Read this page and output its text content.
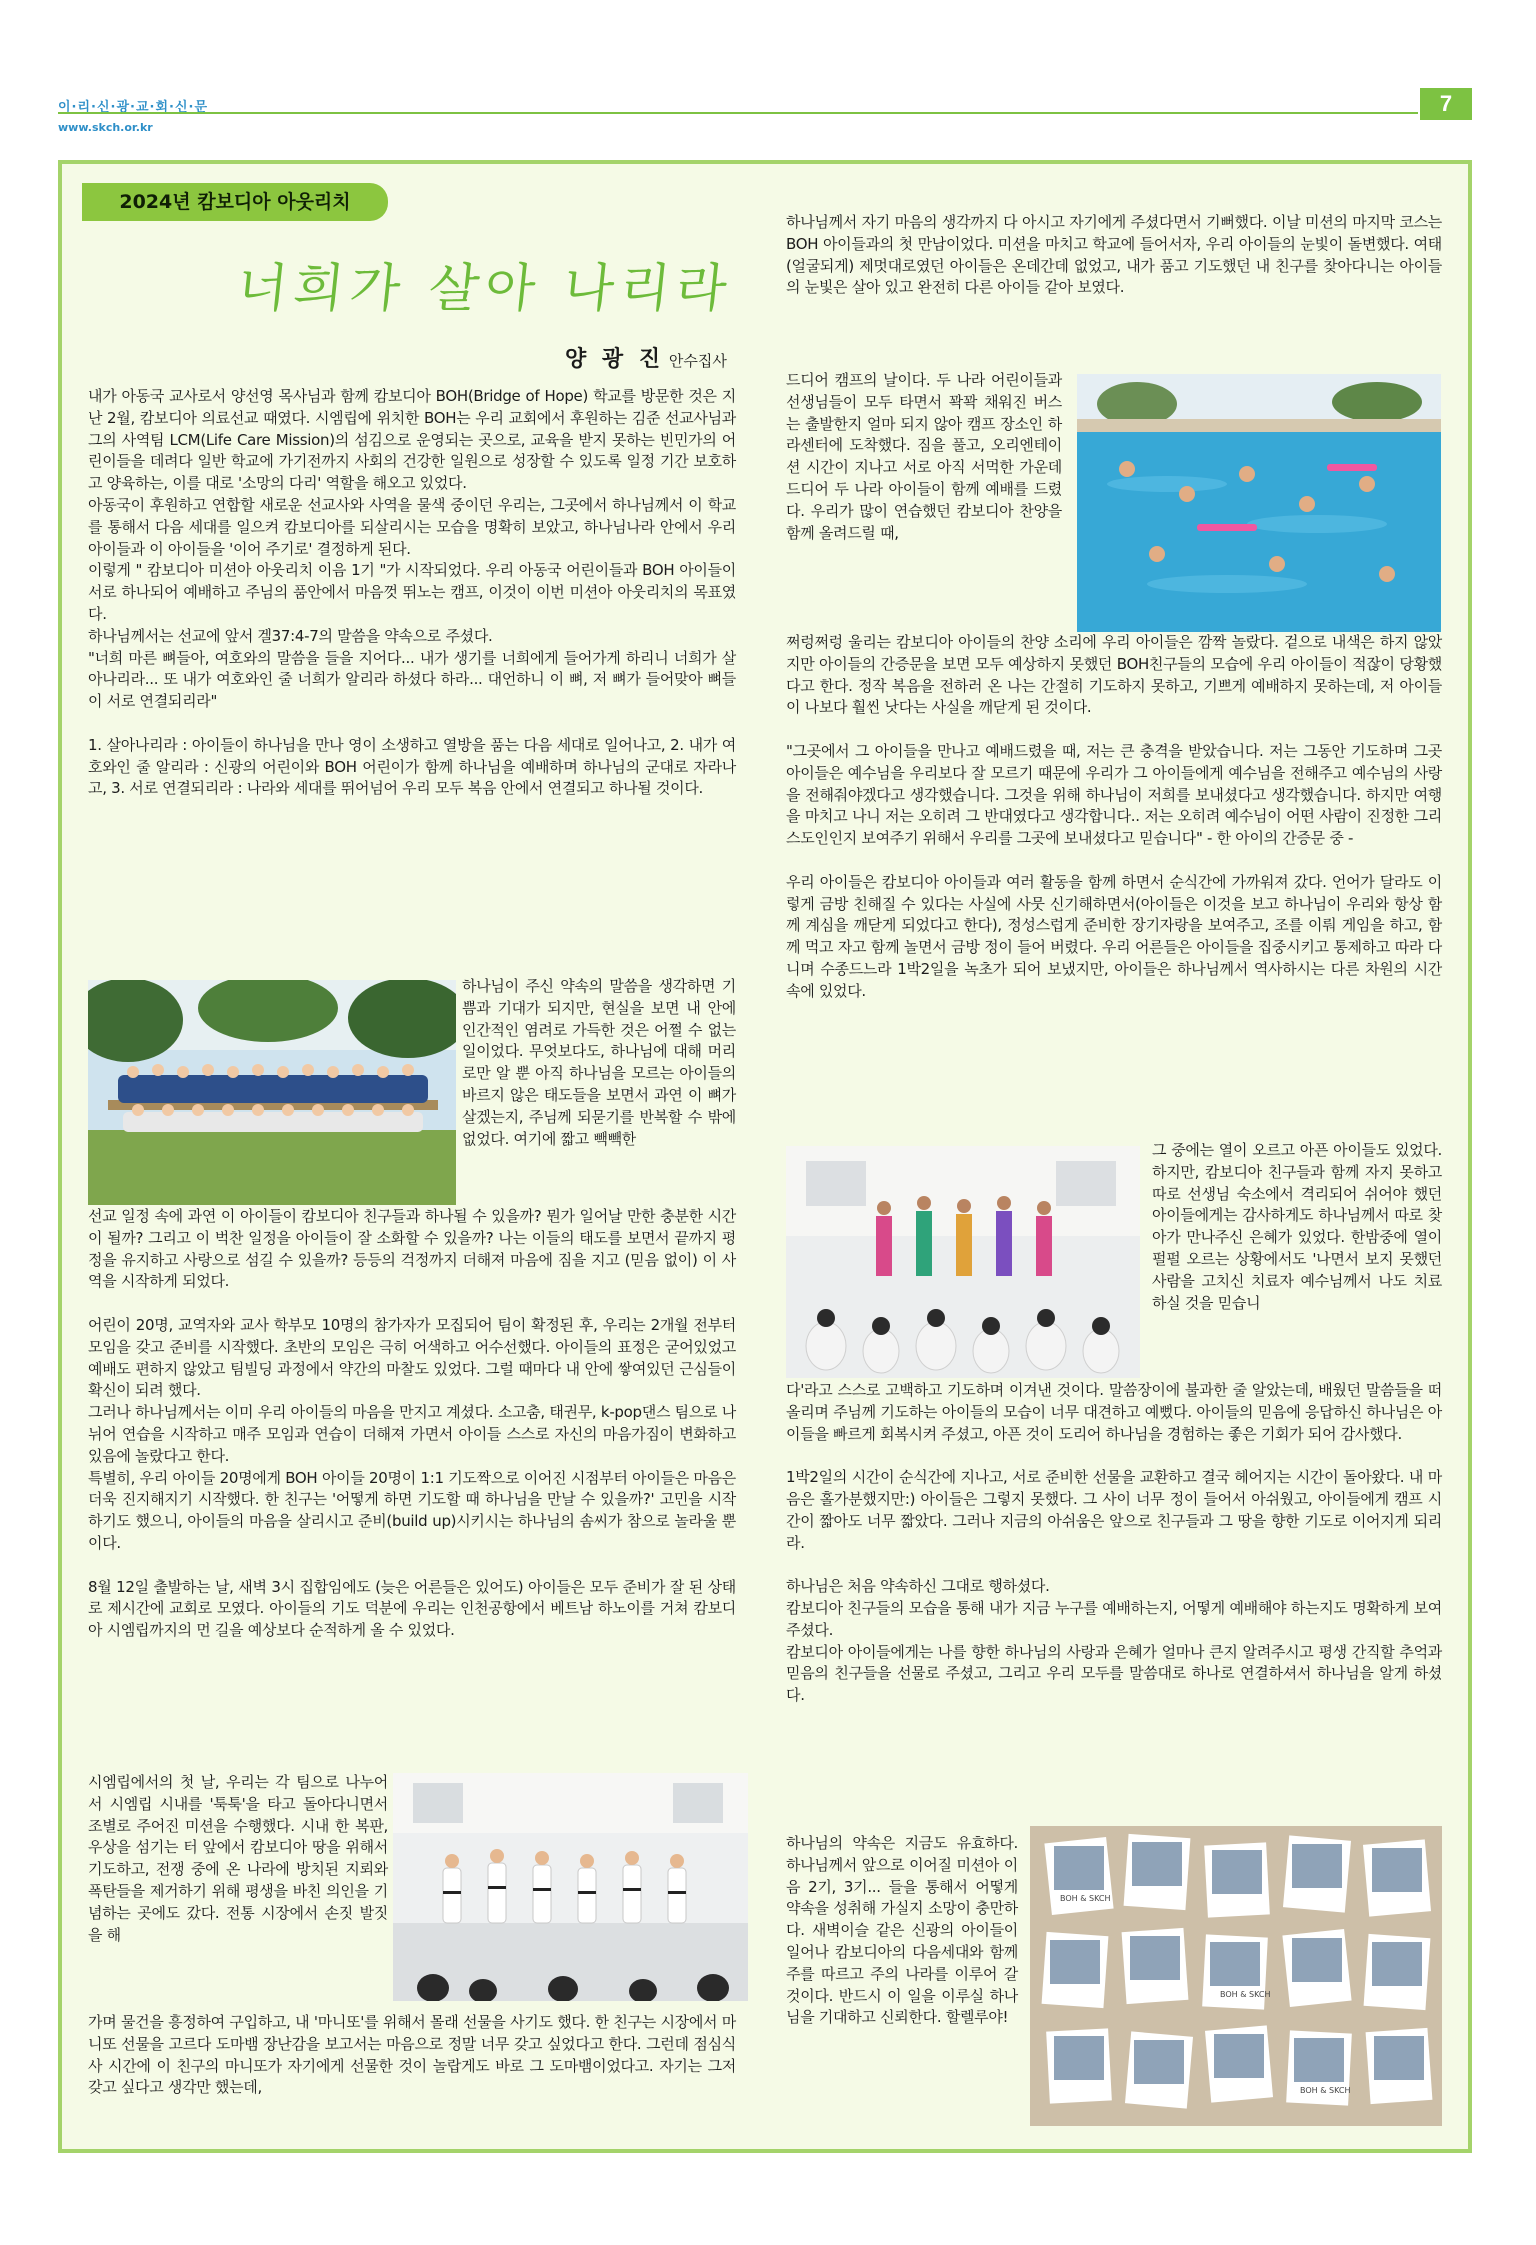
이·리·신·광·교·회·신·문
www.skch.or.kr
7
2024년 캄보디아 아웃리치
너희가 살아 나리라
양 광 진 안수집사

내가 아동국 교사로서 양선영 목사님과 함께 캄보디아 BOH(Bridge of Hope) 학교를 방문한 것은 지난 2월, 캄보디아 의료선교 때였다. 시엠립에 위치한 BOH는 우리 교회에서 후원하는 김준 선교사님과 그의 사역팀 LCM(Life Care Mission)의 섬김으로 운영되는 곳으로, 교육을 받지 못하는 빈민가의 어린이들을 데려다 일반 학교에 가기전까지 사회의 건강한 일원으로 성장할 수 있도록 일정 기간 보호하고 양육하는, 이를 대로 '소망의 다리' 역할을 해오고 있었다.

아동국이 후원하고 연합할 새로운 선교사와 사역을 물색 중이던 우리는, 그곳에서 하나님께서 이 학교를 통해서 다음 세대를 일으켜 캄보디아를 되살리시는 모습을 명확히 보았고, 하나님나라 안에서 우리 아이들과 이 아이들을 '이어 주기로' 결정하게 된다.

이렇게 " 캄보디아 미션아 아웃리치 이음 1기 "가 시작되었다. 우리 아동국 어린이들과 BOH 아이들이 서로 하나되어 예배하고 주님의 품안에서 마음껏 뛰노는 캠프, 이것이 이번 미션아 아웃리치의 목표였다.

하나님께서는 선교에 앞서 겔37:4-7의 말씀을 약속으로 주셨다.

"너희 마른 뼈들아, 여호와의 말씀을 들을 지어다... 내가 생기를 너희에게 들어가게 하리니 너희가 살아나리라... 또 내가 여호와인 줄 너희가 알리라 하셨다 하라... 대언하니 이 뼈, 저 뼈가 들어맞아 뼈들이 서로 연결되리라"

1. 살아나리라 : 아이들이 하나님을 만나 영이 소생하고 열방을 품는 다음 세대로 일어나고, 2. 내가 여호와인 줄 알리라 : 신광의 어린이와 BOH 어린이가 함께 하나님을 예배하며 하나님의 군대로 자라나고, 3. 서로 연결되리라 : 나라와 세대를 뛰어넘어 우리 모두 복음 안에서 연결되고 하나될 것이다.

하나님이 주신 약속의 말씀을 생각하면 기쁨과 기대가 되지만, 현실을 보면 내 안에 인간적인 염려로 가득한 것은 어쩔 수 없는 일이었다. 무엇보다도, 하나님에 대해 머리로만 알 뿐 아직 하나님을 모르는 아이들의 바르지 않은 태도들을 보면서 과연 이 뼈가 살겠는지, 주님께 되묻기를 반복할 수 밖에 없었다. 여기에 짧고 빽빽한

선교 일정 속에 과연 이 아이들이 캄보디아 친구들과 하나될 수 있을까? 뭔가 일어날 만한 충분한 시간이 될까? 그리고 이 벅찬 일정을 아이들이 잘 소화할 수 있을까? 나는 이들의 태도를 보면서 끝까지 평정을 유지하고 사랑으로 섬길 수 있을까? 등등의 걱정까지 더해져 마음에 짐을 지고 (믿음 없이) 이 사역을 시작하게 되었다.

어린이 20명, 교역자와 교사 학부모 10명의 참가자가 모집되어 팀이 확정된 후, 우리는 2개월 전부터 모임을 갖고 준비를 시작했다. 초반의 모임은 극히 어색하고 어수선했다. 아이들의 표정은 굳어있었고 예배도 편하지 않았고 팀빌딩 과정에서 약간의 마찰도 있었다. 그럴 때마다 내 안에 쌓여있던 근심들이 확신이 되려 했다.

그러나 하나님께서는 이미 우리 아이들의 마음을 만지고 계셨다. 소고춤, 태권무, k-pop댄스 팀으로 나뉘어 연습을 시작하고 매주 모임과 연습이 더해져 가면서 아이들 스스로 자신의 마음가짐이 변화하고 있음에 놀랐다고 한다.

특별히, 우리 아이들 20명에게 BOH 아이들 20명이 1:1 기도짝으로 이어진 시점부터 아이들은 마음은 더욱 진지해지기 시작했다. 한 친구는 '어떻게 하면 기도할 때 하나님을 만날 수 있을까?' 고민을 시작하기도 했으니, 아이들의 마음을 살리시고 준비(build up)시키시는 하나님의 솜씨가 참으로 놀라울 뿐이다.

8월 12일 출발하는 날, 새벽 3시 집합임에도 (늦은 어른들은 있어도) 아이들은 모두 준비가 잘 된 상태로 제시간에 교회로 모였다. 아이들의 기도 덕분에 우리는 인천공항에서 베트남 하노이를 거쳐 캄보디아 시엠립까지의 먼 길을 예상보다 순적하게 올 수 있었다.

시엠립에서의 첫 날, 우리는 각 팀으로 나누어서 시엠립 시내를 '툭툭'을 타고 돌아다니면서 조별로 주어진 미션을 수행했다. 시내 한 복판, 우상을 섬기는 터 앞에서 캄보디아 땅을 위해서 기도하고, 전쟁 중에 온 나라에 방치된 지뢰와 폭탄들을 제거하기 위해 평생을 바친 의인을 기념하는 곳에도 갔다. 전통 시장에서 손짓 발짓을 해

가며 물건을 흥정하여 구입하고, 내 '마니또'를 위해서 몰래 선물을 사기도 했다. 한 친구는 시장에서 마니또 선물을 고르다 도마뱀 장난감을 보고서는 마음으로 정말 너무 갖고 싶었다고 한다. 그런데 점심식사 시간에 이 친구의 마니또가 자기에게 선물한 것이 놀랍게도 바로 그 도마뱀이었다고. 자기는 그저 갖고 싶다고 생각만 했는데,

하나님께서 자기 마음의 생각까지 다 아시고 자기에게 주셨다면서 기뻐했다. 이날 미션의 마지막 코스는 BOH 아이들과의 첫 만남이었다. 미션을 마치고 학교에 들어서자, 우리 아이들의 눈빛이 돌변했다. 여태 (얼굴되게) 제멋대로였던 아이들은 온데간데 없었고, 내가 품고 기도했던 내 친구를 찾아다니는 아이들의 눈빛은 살아 있고 완전히 다른 아이들 같아 보였다.

드디어 캠프의 날이다. 두 나라 어린이들과 선생님들이 모두 타면서 꽉꽉 채워진 버스는 출발한지 얼마 되지 않아 캠프 장소인 하라센터에 도착했다. 짐을 풀고, 오리엔테이션 시간이 지나고 서로 아직 서먹한 가운데 드디어 두 나라 아이들이 함께 예배를 드렸다. 우리가 많이 연습했던 캄보디아 찬양을 함께 올려드릴 때,

쩌렁쩌렁 울리는 캄보디아 아이들의 찬양 소리에 우리 아이들은 깜짝 놀랐다. 겉으로 내색은 하지 않았지만 아이들의 간증문을 보면 모두 예상하지 못했던 BOH친구들의 모습에 우리 아이들이 적잖이 당황했다고 한다. 정작 복음을 전하러 온 나는 간절히 기도하지 못하고, 기쁘게 예배하지 못하는데, 저 아이들이 나보다 훨씬 낫다는 사실을 깨닫게 된 것이다.

"그곳에서 그 아이들을 만나고 예배드렸을 때, 저는 큰 충격을 받았습니다. 저는 그동안 기도하며 그곳 아이들은 예수님을 우리보다 잘 모르기 때문에 우리가 그 아이들에게 예수님을 전해주고 예수님의 사랑을 전해줘야겠다고 생각했습니다. 그것을 위해 하나님이 저희를 보내셨다고 생각했습니다. 하지만 여행을 마치고 나니 저는 오히려 그 반대였다고 생각합니다.. 저는 오히려 예수님이 어떤 사람이 진정한 그리스도인인지 보여주기 위해서 우리를 그곳에 보내셨다고 믿습니다" - 한 아이의 간증문 중 -

우리 아이들은 캄보디아 아이들과 여러 활동을 함께 하면서 순식간에 가까워져 갔다. 언어가 달라도 이렇게 금방 친해질 수 있다는 사실에 사뭇 신기해하면서(아이들은 이것을 보고 하나님이 우리와 항상 함께 계심을 깨닫게 되었다고 한다), 정성스럽게 준비한 장기자랑을 보여주고, 조를 이뤄 게임을 하고, 함께 먹고 자고 함께 놀면서 금방 정이 들어 버렸다. 우리 어른들은 아이들을 집중시키고 통제하고 따라 다니며 수종드느라 1박2일을 녹초가 되어 보냈지만, 아이들은 하나님께서 역사하시는 다른 차원의 시간 속에 있었다.

그 중에는 열이 오르고 아픈 아이들도 있었다. 하지만, 캄보디아 친구들과 함께 자지 못하고 따로 선생님 숙소에서 격리되어 쉬어야 했던 아이들에게는 감사하게도 하나님께서 따로 찾아가 만나주신 은혜가 있었다. 한밤중에 열이 펄펄 오르는 상황에서도 '나면서 보지 못했던 사람을 고치신 치료자 예수님께서 나도 치료하실 것을 믿습니

다'라고 스스로 고백하고 기도하며 이겨낸 것이다. 말씀장이에 불과한 줄 알았는데, 배웠던 말씀들을 떠올리며 주님께 기도하는 아이들의 모습이 너무 대견하고 예뻤다. 아이들의 믿음에 응답하신 하나님은 아이들을 빠르게 회복시켜 주셨고, 아픈 것이 도리어 하나님을 경험하는 좋은 기회가 되어 감사했다.

1박2일의 시간이 순식간에 지나고, 서로 준비한 선물을 교환하고 결국 헤어지는 시간이 돌아왔다. 내 마음은 홀가분했지만:) 아이들은 그렇지 못했다. 그 사이 너무 정이 들어서 아쉬웠고, 아이들에게 캠프 시간이 짧아도 너무 짧았다. 그러나 지금의 아쉬움은 앞으로 친구들과 그 땅을 향한 기도로 이어지게 되리라.

하나님은 처음 약속하신 그대로 행하셨다.

캄보디아 친구들의 모습을 통해 내가 지금 누구를 예배하는지, 어떻게 예배해야 하는지도 명확하게 보여주셨다.

캄보디아 아이들에게는 나를 향한 하나님의 사랑과 은혜가 얼마나 큰지 알려주시고 평생 간직할 추억과 믿음의 친구들을 선물로 주셨고, 그리고 우리 모두를 말씀대로 하나로 연결하셔서 하나님을 알게 하셨다.

하나님의 약속은 지금도 유효하다. 하나님께서 앞으로 이어질 미션아 이음 2기, 3기... 들을 통해서 어떻게 약속을 성취해 가실지 소망이 충만하다. 새벽이슬 같은 신광의 아이들이 일어나 캄보디아의 다음세대와 함께 주를 따르고 주의 나라를 이루어 갈 것이다. 반드시 이 일을 이루실 하나님을 기대하고 신뢰한다. 할렐루야!

BOH & SKCH
BOH & SKCH
BOH & SKCH
